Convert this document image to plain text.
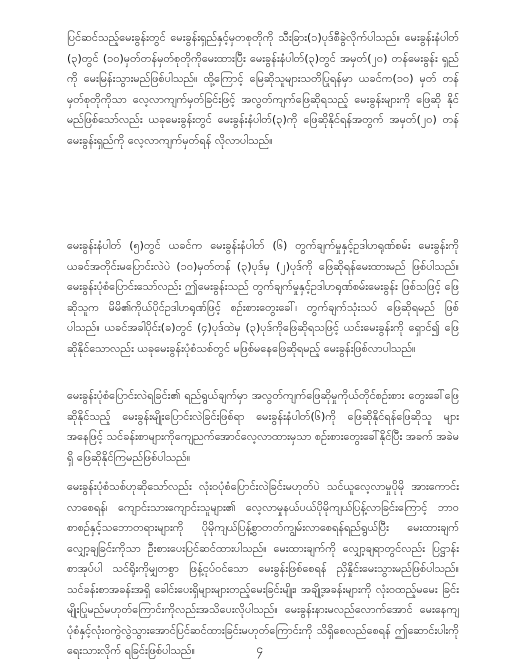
ပြင်ဆင်သည့်မေးခွန်းတွင် မေးခွန်းရှည်နှင့်မှတစုတိုကို သီးခြား(၁)ပုဒ်စီခွဲလိုက်ပါသည်။ မေးခွန်းနံပါတ် (၃)တွင် (၁၀)မှတ်တန်မှတ်စုတိုကိုမေးထားပြီး မေးခွန်းနံပါတ်(၃)တွင် အမှတ်(၂၀) တန်မေးခွန်း ရှည်ကို မေးမြန်းသွားမည်ဖြစ်ပါသည်။ ထို့ကြောင့် မြေဆိုသူများသတိပြုရန်မှာ ယခင်က(၁၀) မှတ် တန်မှတ်စုတိုကိုသာ လေ့လာကျက်မှတ်ခြင်းဖြင့် အလွတ်ကျက်ဖြေဆိုရသည့် မေးခွန်းများကို ဖြေဆို နိုင်မည်ဖြစ်သော်လည်း ယခုမေးခွန်းတွင် မေးခွန်းနံပါတ်(၃)ကို ဖြေဆိုနိုင်ရန်အတွက် အမှတ်(၂၀) တန်မေးခွန်းရှည်ကို လေ့လာကျက်မှတ်ရန် လိုလာပါသည်။

မေးခွန်းနံပါတ် (၅)တွင် ယခင်က မေးခွန်းနံပါတ် (၆) တွက်ချက်မှုနှင့်ဥဒါဟရုဏ်စမ်း မေးခွန်းကို ယခင်အတိုင်းမပြောင်းလဲပဲ (၁၀)မှတ်တန် (၃)ပုဒ်မှ (၂)ပုဒ်ကို ဖြေဆိုရန်မေးထားမည် ဖြစ်ပါသည်။ မေးခွန်းပုံစံပြောင်းသော်လည်း ဤမေးခွန်းသည် တွက်ချက်မှုနှင့်ဥဒါဟရုဏ်စမ်းမေးခွန်း ဖြစ်သဖြင့် ဖြေဆိုသူက မိမိ၏ကိုယ်ပိုင်ဥဒါဟရုဏ်ဖြင့် စဉ်းစားတွေးခေါ်၊ တွက်ချက်သုံးသပ် ဖြေဆိုရမည် ဖြစ်ပါသည်။ ယခင်အခါပိုင်း(ခ)တွင် (၄)ပုဒ်ထဲမှ (၃)ပုဒ်ကိုဖြေဆိုရသဖြင့် ယင်းမေးခွန်းကို ရှောင်၍ ဖြေဆိုနိုင်သောလည်း ယခုမေးခွန်းပုံစံသစ်တွင် မဖြစ်မနေဖြေဆိုရမည့် မေးခွန်းဖြစ်လာပါသည်။

မေးခွန်းပုံစံပြောင်းလဲရခြင်း၏ ရည်ရွယ်ချက်မှာ အလွတ်ကျက်ဖြေဆိုမှုကိုယ်တိုင်စဉ်းစား တွေးခေါ်ဖြေဆိုနိုင်သည့် မေးခွန်းမျိုးပြောင်းလဲခြင်းဖြစ်ရာ မေးခွန်းနံပါတ်(၆)ကို ဖြေဆိုနိုင်ရန်ဖြေဆိုသူ များအနေဖြင့် သင်ခန်းစာများကိုကျေညက်အောင်လေ့လာထားမှသာ စဉ်းစားတွေးခေါ်နိုင်ပြီး အခက် အခဲမရှိ ဖြေဆိုနိုင်ကြမည်ဖြစ်ပါသည်။

မေးခွန်းပုံစံသစ်ဟုဆိုသော်လည်း လုံးဝပုံစံပြောင်းလဲခြင်းမဟုတ်ပဲ သင်ယူလေ့လာမှုပိုမို အားကောင်းလာစေရန်၊ ကျောင်းသားကျောင်းသူများ၏ လေ့လာမှုနယ်ပယ်ပိုမိုကျယ်ပြန့်လာခြင်းကြောင့် ဘာဝစာစဉ်နှင့်သဘောတရားများကို ပိုမိုကျယ်ပြန့်စွာတတ်ကျွမ်းလာစေရန်ရည်ရွယ်ပြီး မေးထားချက် လျှော့ချခြင်းကိုသာ ဦးစားပေးပြင်ဆင်ထားပါသည်။ မေးထားချက်ကို လျှော့ချရာတွင်လည်း ပြဋ္ဌာန်း စာအုပ်ပါ သင်ရိုးကိုမျှတစွာ ဖြန့်ငုပ်ဝင်သော မေးခွန်းဖြစ်စေရန် ညှိနှိုင်းမေးသွားမည်ဖြစ်ပါသည်။ သင်ခန်းစာအခန်းအရှိ ခေါင်းပေးရှိများများတည့်မေးခြင်းမျိုး၊ အချို့အခန်းများကို လုံးဝထည့်မမေး ခြင်းမျိုးပြုမည်မဟုတ်ကြောင်းကိုလည်းအသိပေးလိုပါသည်။ မေးခွန်းနားမလည်လောက်အောင် မေးနေကျ ပုံစံနှင့်လုံးဝကွဲလွဲသွားအောင်ပြင်ဆင်ထားခြင်းမဟုတ်ကြောင်းကို သိရှိစေလည်စေရန် ဤဆောင်းပါးကို ရေးသားလိုက် ရခြင်းဖြစ်ပါသည်။	၄
